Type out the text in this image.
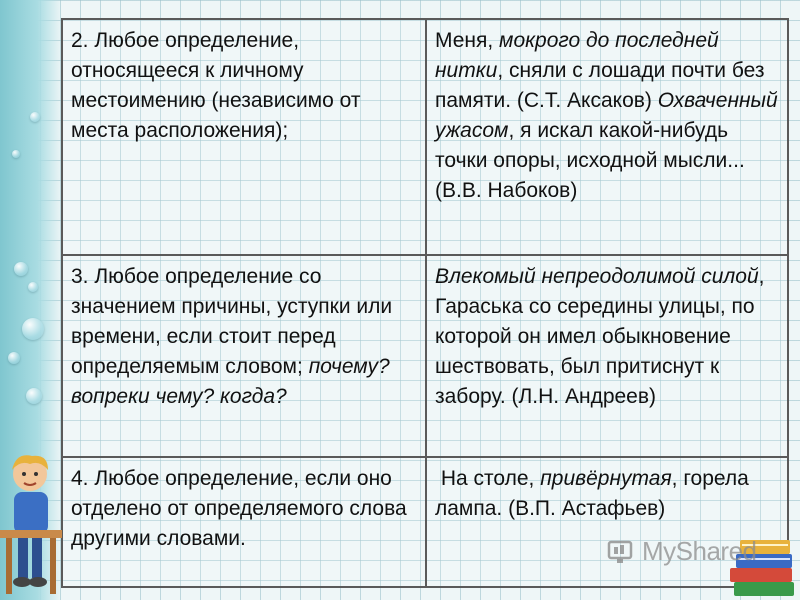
2. Любое определение, относящееся к личному местоимению (независимо от места расположения);	Меня, мокрого до последней нитки, сняли с лошади почти без памяти. (С.Т. Аксаков) Охваченный ужасом, я искал какой-нибудь точки опоры, исходной мысли... (В.В. Набоков)
3. Любое определение со значением причины, уступки или времени, если стоит перед определяемым словом; почему? вопреки чему? когда?	Влекомый непреодолимой силой, Гараська со середины улицы, по которой он имел обыкновение шествовать, был притиснут к забору. (Л.Н. Андреев)
4. Любое определение, если оно отделено от определяемого слова другими словами.	На столе, привёрнутая, горела лампа. (В.П. Астафьев)
MyShared
